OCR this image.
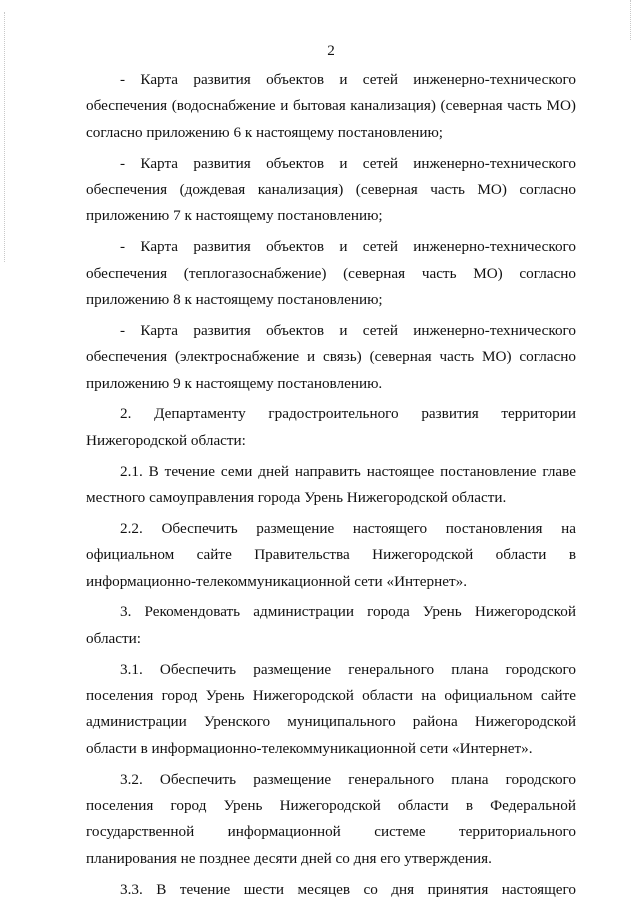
2
- Карта развития объектов и сетей инженерно-технического
обеспечения (водоснабжение и бытовая канализация) (северная часть МО)
согласно приложению 6 к настоящему постановлению;
- Карта развития объектов и сетей инженерно-технического
обеспечения (дождевая канализация) (северная часть МО) согласно
приложению 7 к настоящему постановлению;
- Карта развития объектов и сетей инженерно-технического
обеспечения (теплогазоснабжение) (северная часть МО) согласно
приложению 8 к настоящему постановлению;
- Карта развития объектов и сетей инженерно-технического
обеспечения (электроснабжение и связь) (северная часть МО) согласно
приложению 9 к настоящему постановлению.
2. Департаменту градостроительного развития территории
Нижегородской области:
2.1. В течение семи дней направить настоящее постановление главе
местного самоуправления города Урень Нижегородской области.
2.2. Обеспечить размещение настоящего постановления на
официальном сайте Правительства Нижегородской области в
информационно-телекоммуникационной сети «Интернет».
3. Рекомендовать администрации города Урень Нижегородской
области:
3.1. Обеспечить размещение генерального плана городского
поселения город Урень Нижегородской области на официальном сайте
администрации Уренского муниципального района Нижегородской
области в информационно-телекоммуникационной сети «Интернет».
3.2. Обеспечить размещение генерального плана городского
поселения город Урень Нижегородской области в Федеральной
государственной информационной системе территориального
планирования не позднее десяти дней со дня его утверждения.
3.3. В течение шести месяцев со дня принятия настоящего
